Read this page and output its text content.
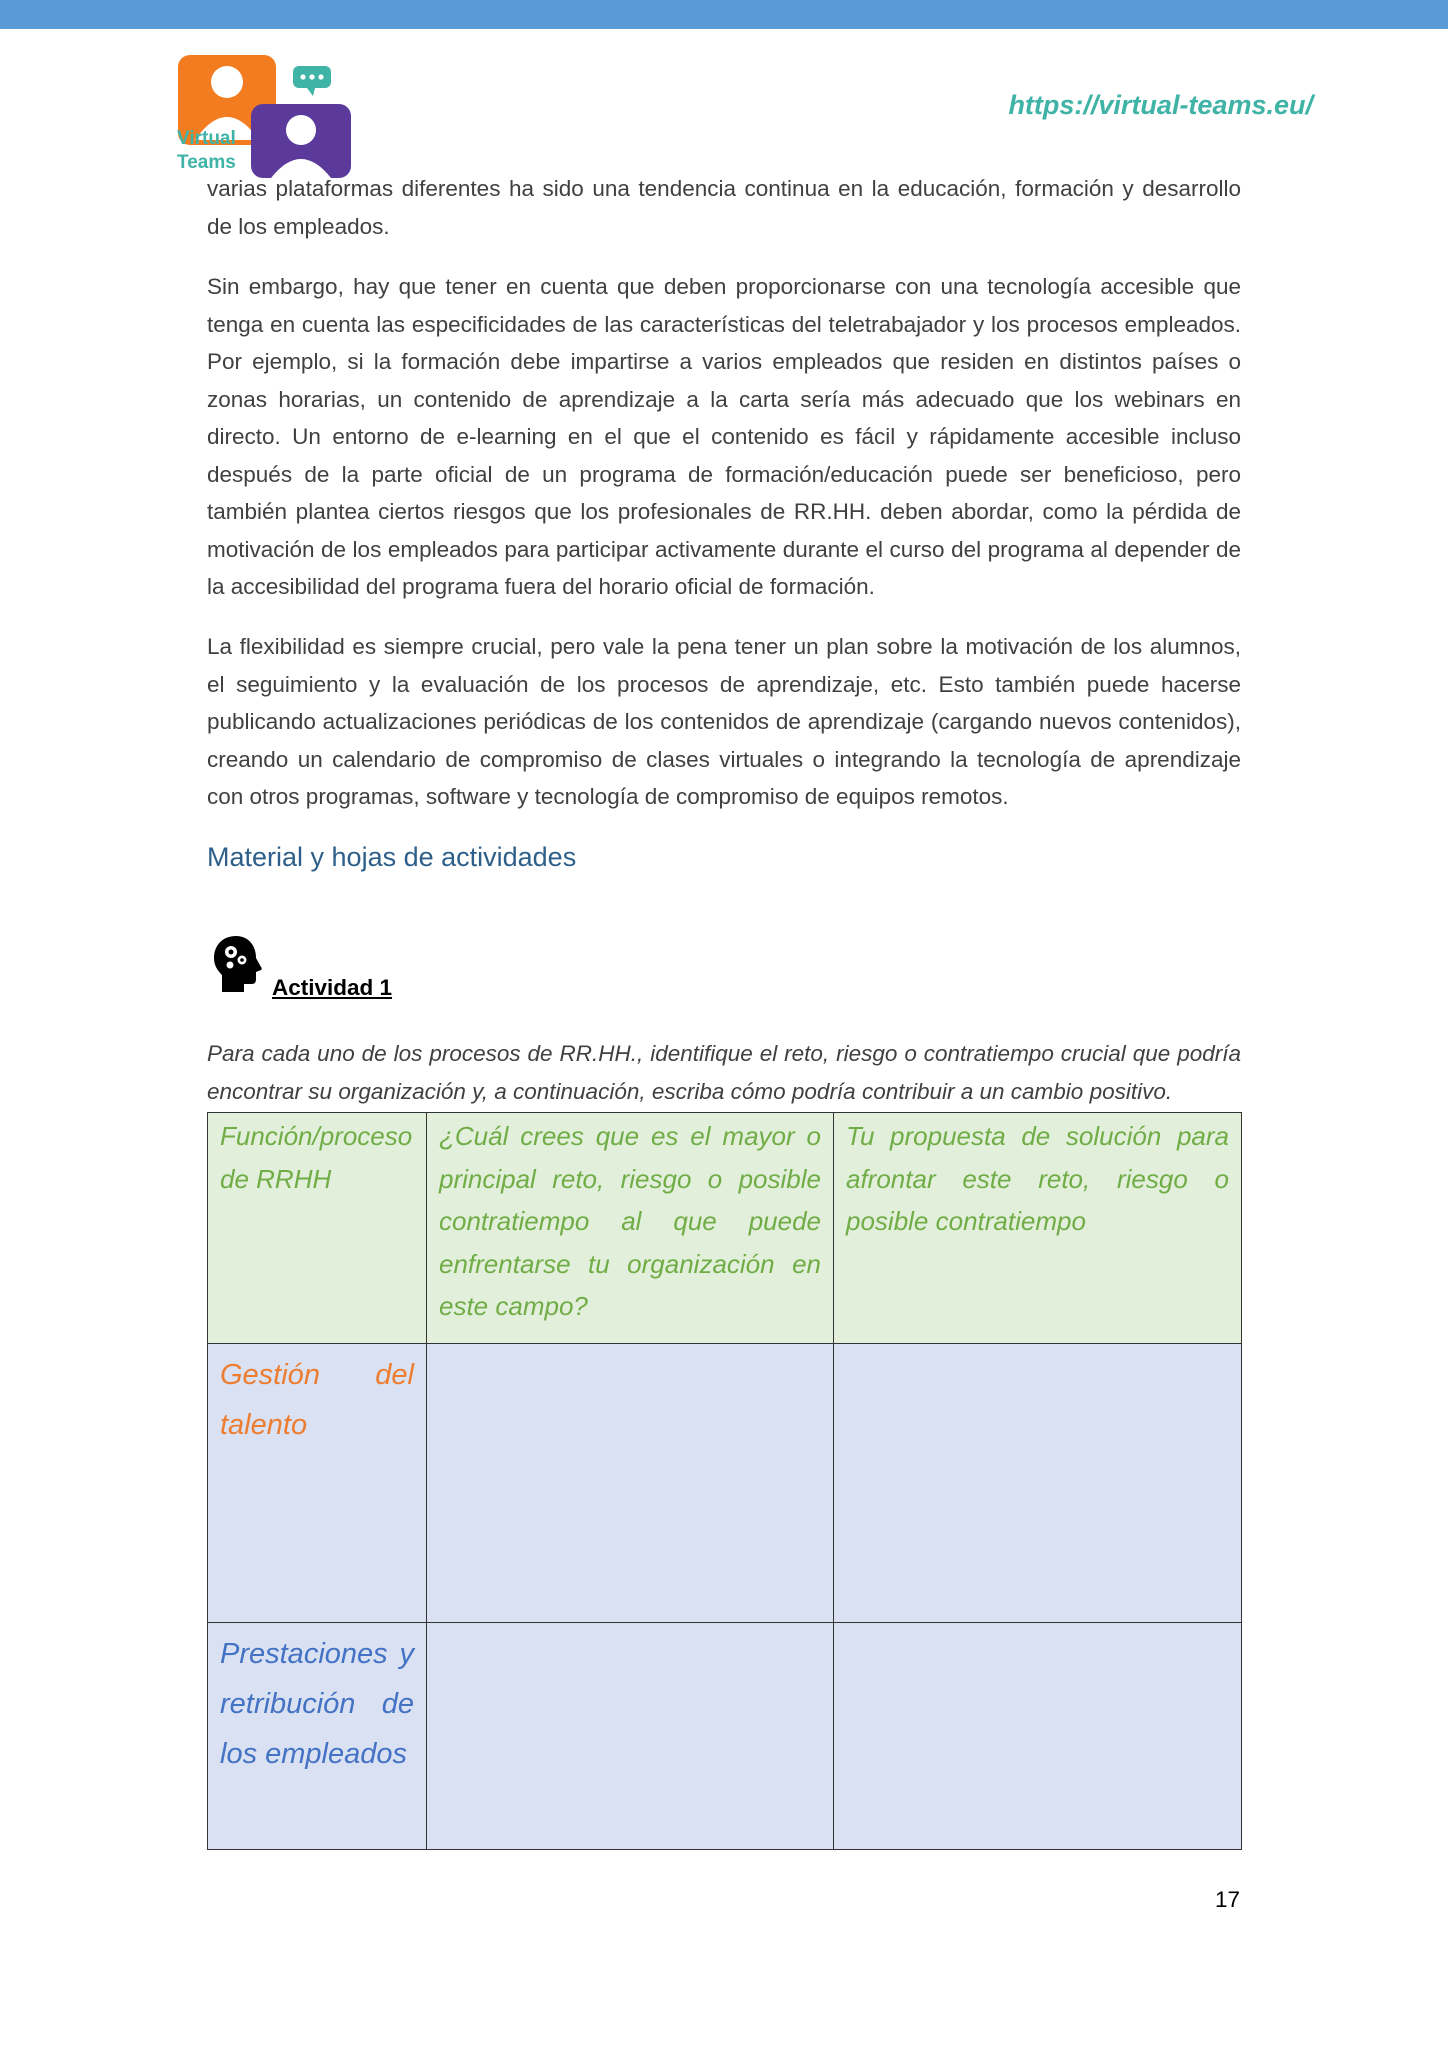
Virtual
Teams
https://virtual-teams.eu/

varias plataformas diferentes ha sido una tendencia continua en la educación, formación y desarrollo de los empleados.

Sin embargo, hay que tener en cuenta que deben proporcionarse con una tecnología accesible que tenga en cuenta las especificidades de las características del teletrabajador y los procesos empleados. Por ejemplo, si la formación debe impartirse a varios empleados que residen en distintos países o zonas horarias, un contenido de aprendizaje a la carta sería más adecuado que los webinars en directo. Un entorno de e-learning en el que el contenido es fácil y rápidamente accesible incluso después de la parte oficial de un programa de formación/educación puede ser beneficioso, pero también plantea ciertos riesgos que los profesionales de RR.HH. deben abordar, como la pérdida de motivación de los empleados para participar activamente durante el curso del programa al depender de la accesibilidad del programa fuera del horario oficial de formación.

La flexibilidad es siempre crucial, pero vale la pena tener un plan sobre la motivación de los alumnos, el seguimiento y la evaluación de los procesos de aprendizaje, etc. Esto también puede hacerse publicando actualizaciones periódicas de los contenidos de aprendizaje (cargando nuevos contenidos), creando un calendario de compromiso de clases virtuales o integrando la tecnología de aprendizaje con otros programas, software y tecnología de compromiso de equipos remotos.

Material y hojas de actividades
Actividad 1

Para cada uno de los procesos de RR.HH., identifique el reto, riesgo o contratiempo crucial que podría encontrar su organización y, a continuación, escriba cómo podría contribuir a un cambio positivo.

Función/proceso de RRHH	¿Cuál crees que es el mayor o principal reto, riesgo o posible contratiempo al que puede enfrentarse tu organización en este campo?	Tu propuesta de solución para afrontar este reto, riesgo o posible contratiempo
Gestión del talento		
Prestaciones y retribución de los empleados		
17
